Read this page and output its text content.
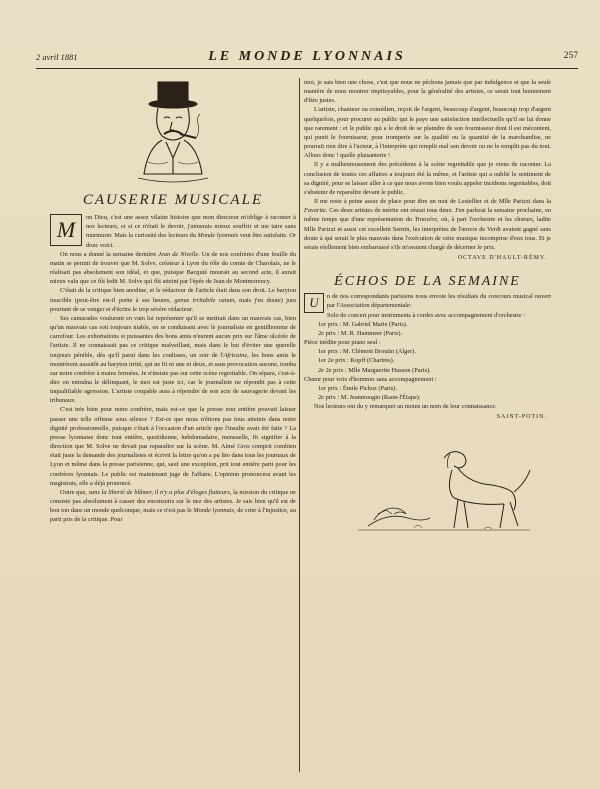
2 avril 1881	LE MONDE LYONNAIS	257
CAUSERIE MUSICALE

M	on Dieu, c'est une assez vilaine histoire que mon directeur m'oblige à raconter à nos lecteurs, et si ce n'était le devoir, j'aimerais mieux souffrir et me taire sans murmurer. Mais la curiosité des lecteurs du Monde lyonnais veut être satisfaite. Or donc voici.

On nous a donné la semaine dernière Jean de Nivelle. Un de nos confrères d'une feuille du matin se permit de trouver que M. Solve, créateur à Lyon du rôle du comte de Charolais, ne le réalisait pas absolument son idéal, et que, puisque Bacquié mourait au second acte, il aurait mieux valu que ce fût ledit M. Solve qui fût atteint par l'épée de Jean de Montmorency.

C'était de la critique bien anodine, et le rédacteur de l'article était dans son droit. Le baryton irascible (peut-être est-il poëte à ses heures, genus irritabile vatum, mais j'en doute) jura pourtant de se venger et d'écrire le trop sévère rédacteur.

Ses camarades voulurent en vain lui représenter qu'il se mettrait dans un mauvais cas, bien qu'un mauvais cas soit toujours niable, en se conduisant avec le journaliste en gentilhomme de carrefour. Les exhortations si puissantes des bons amis n'eurent aucun prix sur l'âme ulcérée de l'artiste. Il ne connaissait pas ce critique malveillant, mais dans le but d'éviter une querelle toujours pénible, dès qu'il parut dans les coulisses, un soir de l'Africaine, les bons amis le montrèrent aussitôt au baryton irrité, qui ne fit ni une ni deux, et sans provocation aucune, tomba sur notre confrère à mains fermées. Je n'insiste pas sur cette scène regrettable. On sépara, c'est-à-dire on entraîna le délinquant, le mot est juste ici, car le journaliste ne répondit pas à cette inqualifiable agression. L'artiste coupable aura à répondre de son acte de sauvagerie devant les tribunaux.

C'est très bien pour notre confrère, mais est-ce que la presse tout entière pouvait laisser passer une telle offense sous silence ? Est-ce que nous n'étions pas tous atteints dans notre dignité professionnelle, puisque c'était à l'occasion d'un article que l'insulte avait été faite ? La presse lyonnaise donc tout entière, quotidienne, hebdomadaire, mensuelle, fit signifier à la direction que M. Solve ne devait pas reparaître sur la scène. M. Aimé Gros comprit combien était juste la demande des journalistes et écrivit la lettre qu'on a pu lire dans tous les journaux de Lyon et même dans la presse parisienne, qui, sauf une exception, prit tout entière parti pour les confrères lyonnais. Le public est maintenant juge de l'affaire. L'opinion prononcera avant les magistrats, elle a déjà prononcé.

Outre que, sans la liberté de blâmer, il n'y a plus d'éloges flatteurs, la mission du critique ne consiste pas absolument à casser des encensoirs sur le nez des artistes. Je sais bien qu'il est de bon ton dans un monde quelconque, mais ce n'est pas le Monde lyonnais, de crier à l'injustice, au parti pris de la critique. Pour

moi, je sais bien une chose, c'est que nous ne péchons jamais que par indulgence et que la seule manière de nous montrer impitoyables, pour la généralité des artistes, ce serait tout bonnement d'être justes.

L'artiste, chanteur ou comédien, reçoit de l'argent, beaucoup d'argent, beaucoup trop d'argent quelquefois, pour procurer au public qui le paye une satisfaction intellectuelle qu'il ne lui donne que rarement : et le public qui a le droit de se plaindre de son fournisseur dont il est mécontent, qui punit le fournisseur, pour tromperie sur la qualité ou la quantité de la marchandise, ne pourrait rien dire à l'acteur, à l'interprète qui remplit mal son devoir ou ne le remplit pas du tout. Allons donc ! quelle plaisanterie !

Il y a malheureusement des précédents à la scène regrettable que je viens de raconter. La conclusion de toutes ces affaires a toujours été la même, et l'artiste qui a oublié le sentiment de sa dignité, pour se laisser aller à ce que nous avons bien voulu appeler incidents regrettables, doit s'abstenir de reparaître devant le public.

Il me reste à peine assez de place pour dire un mot de Lestellier et de Mlle Parizzi dans la Favorite. Ces deux artistes de mérite ont réussi tous deux. J'en parlerai la semaine prochaine, en même temps que d'une représentation du Trouvère, où, à part l'orchestre et les chœurs, ladite Mlle Parizzi et aussi cet excellent Sernin, les interprètes de l'œuvre de Verdi avaient gagné sans doute à qui serait le plus mauvais dans l'exécution de cette musique incomprise d'eux tous. Et je serais réellement bien embarrassé s'ils m'avaient chargé de décerner le prix.

OCTAVE D'HAULT-RÉMY.
ÉCHOS DE LA SEMAINE

U	n de nos correspondants parisiens nous envoie les résultats du concours musical ouvert par l'Association départementale:

Solo de concert pour instruments à cordes avec accompagnement d'orchestre :

1er prix : M. Gabriel Marie (Paris).

2e prix : M. R. Hammeer (Paris).

Pièce inédite pour piano seul :

1er prix : M. Clément Broutin (Alger).

1er 2e prix : Kopff (Chartres).

2e 2e prix : Mlle Marguerite Husson (Paris).

Chœur pour voix d'hommes sans accompagnement :

1er prix : Émile Pichoz (Paris).

2e prix : M. Jeanmougin (Raon-l'Étape).

Nos lecteurs ont du y remarquer au moins un nom de leur connaissance.

SAINT-POTIN.
